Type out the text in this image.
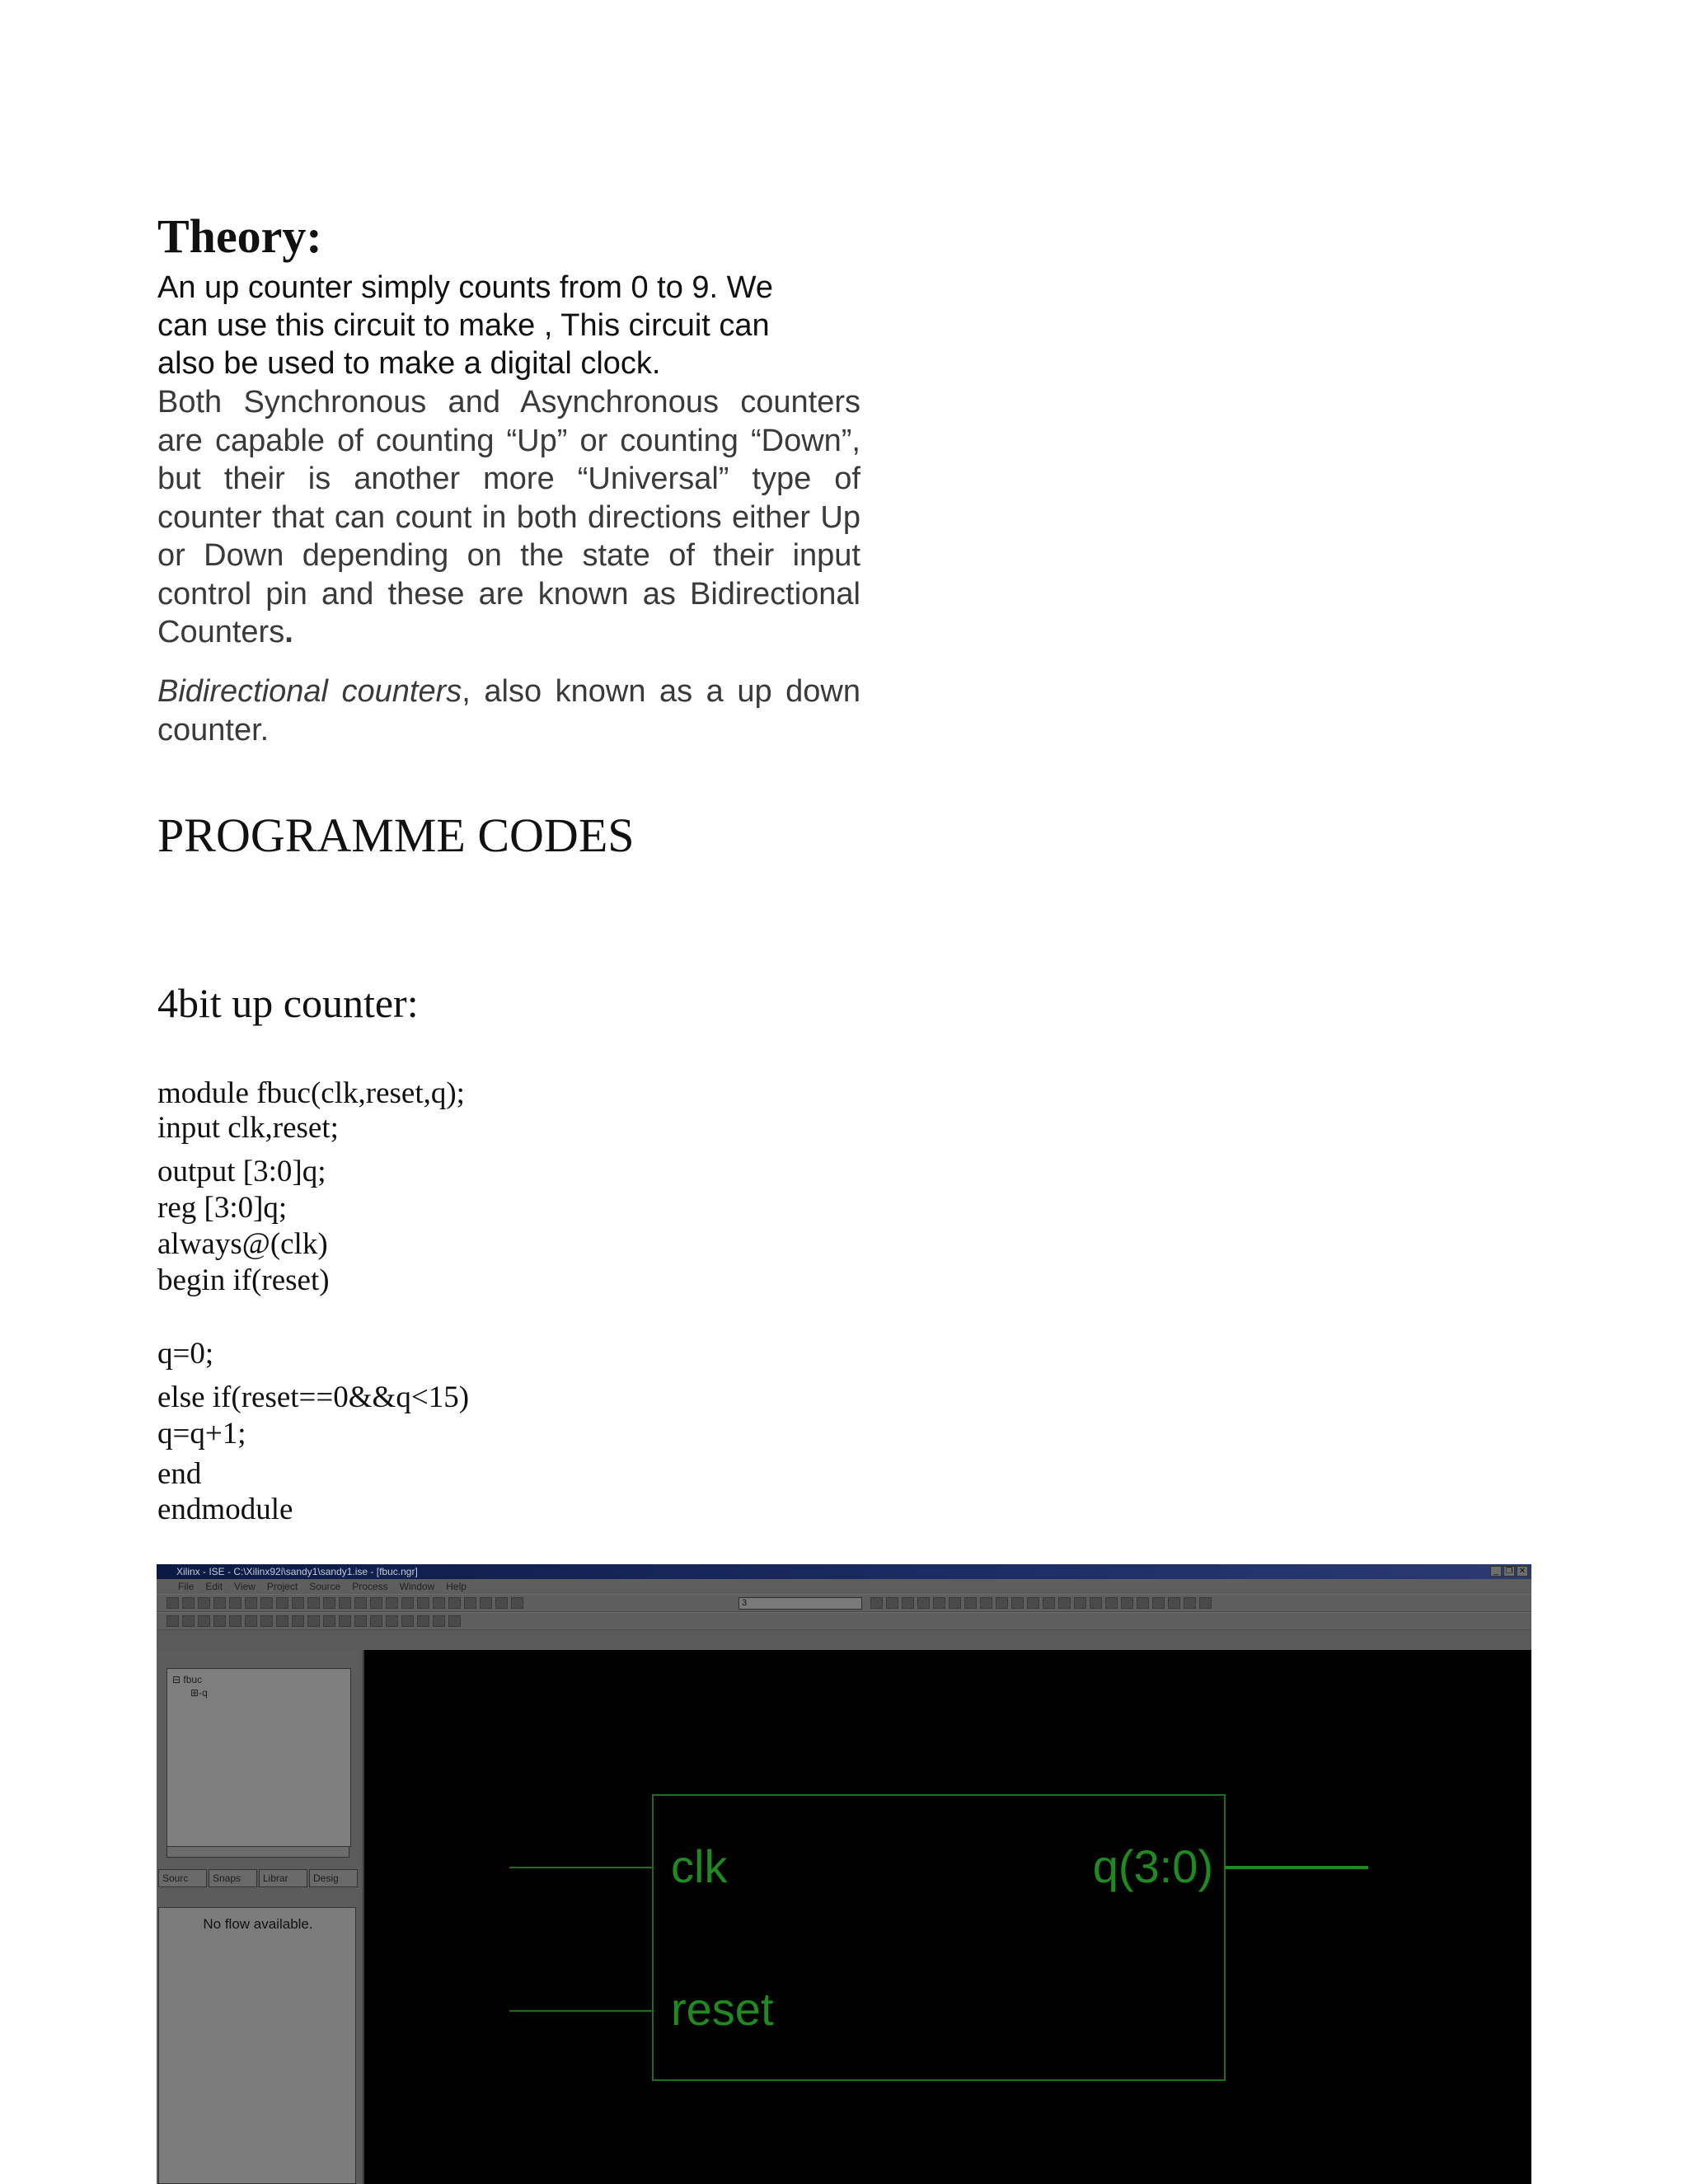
Theory:
An up counter simply counts from 0 to 9. We
can use this circuit to make , This circuit can
also be used to make a digital clock.

Both Synchronous and Asynchronous counters are capable of counting “Up” or counting “Down”, but their is another more “Universal” type of counter that can count in both directions either Up or Down depending on the state of their input control pin and these are known as Bidirectional Counters.

Bidirectional counters, also known as a up down counter.

PROGRAMME CODES
4bit up counter:
module fbuc(clk,reset,q);
input clk,reset;
output [3:0]q;
reg [3:0]q;
always@(clk)
begin if(reset)
q=0;
else if(reset==0&&q<15)
q=q+1;
end
endmodule
Xilinx - ISE - C:\Xilinx92i\sandy1\sandy1.ise - [fbuc.ngr]	_ ❐ ✕
File Edit View Project Source Process Window Help
3
⊟ fbuc
⊞-q
Sourc	Snaps	Librar	Desig
No flow available.
clk
reset
q(3:0)
